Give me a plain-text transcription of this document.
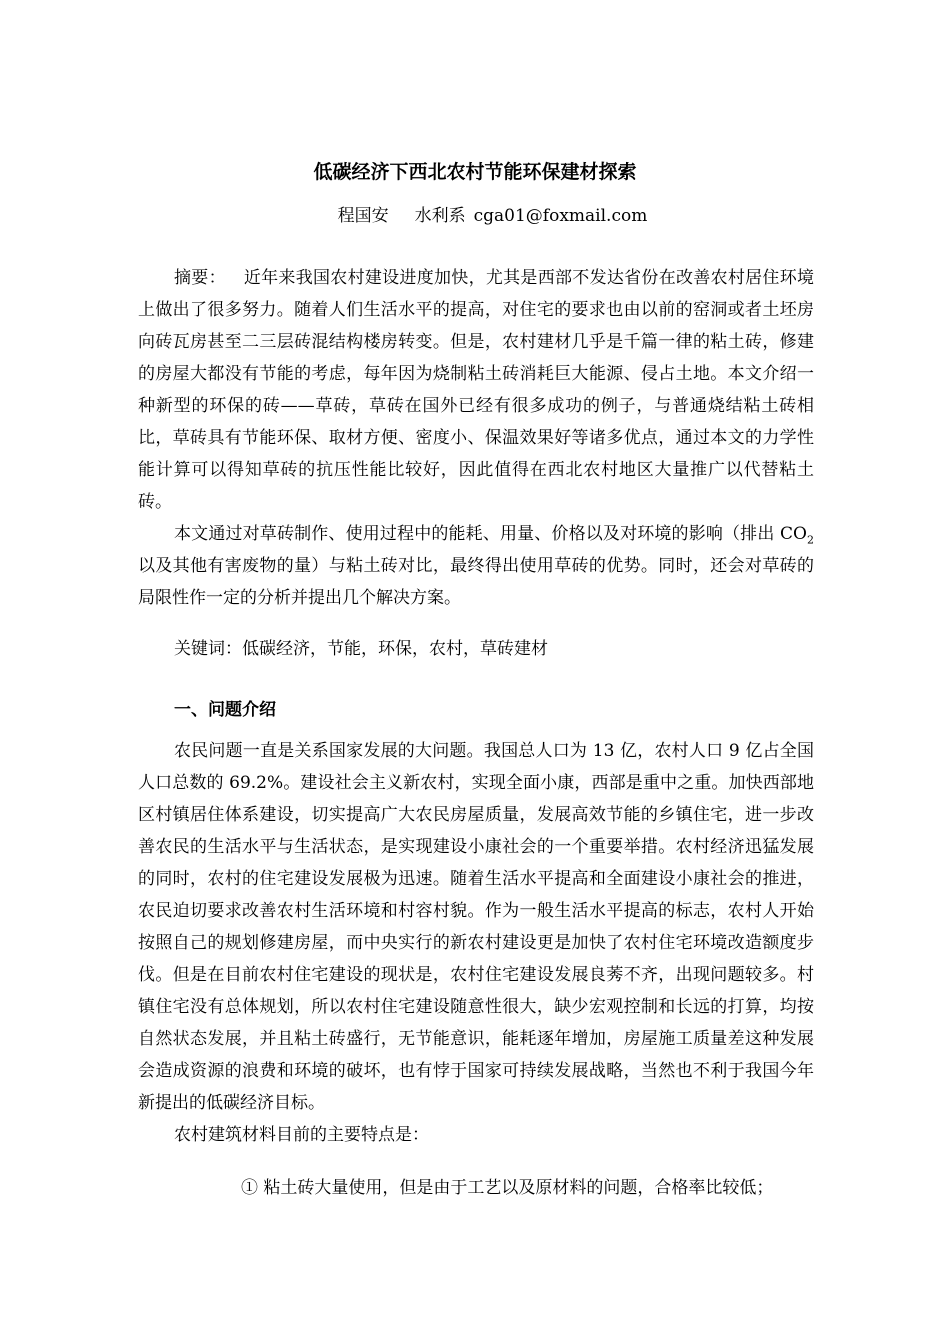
低碳经济下西北农村节能环保建材探索
程国安 水利系 cga01@foxmail.com

摘要： 近年来我国农村建设进度加快，尤其是西部不发达省份在改善农村居住环境上做出了很多努力。随着人们生活水平的提高，对住宅的要求也由以前的窑洞或者土坯房向砖瓦房甚至二三层砖混结构楼房转变。但是，农村建材几乎是千篇一律的粘土砖，修建的房屋大都没有节能的考虑，每年因为烧制粘土砖消耗巨大能源、侵占土地。本文介绍一种新型的环保的砖——草砖，草砖在国外已经有很多成功的例子，与普通烧结粘土砖相比，草砖具有节能环保、取材方便、密度小、保温效果好等诸多优点，通过本文的力学性能计算可以得知草砖的抗压性能比较好，因此值得在西北农村地区大量推广以代替粘土砖。

本文通过对草砖制作、使用过程中的能耗、用量、价格以及对环境的影响（排出 $CO_2$以及其他有害废物的量）与粘土砖对比，最终得出使用草砖的优势。同时，还会对草砖的局限性作一定的分析并提出几个解决方案。

关键词：低碳经济，节能，环保，农村，草砖建材
一、问题介绍

农民问题一直是关系国家发展的大问题。我国总人口为 13 亿，农村人口 9 亿占全国人口总数的 69.2%。建设社会主义新农村，实现全面小康，西部是重中之重。加快西部地区村镇居住体系建设，切实提高广大农民房屋质量，发展高效节能的乡镇住宅，进一步改善农民的生活水平与生活状态，是实现建设小康社会的一个重要举措。农村经济迅猛发展的同时，农村的住宅建设发展极为迅速。随着生活水平提高和全面建设小康社会的推进，农民迫切要求改善农村生活环境和村容村貌。作为一般生活水平提高的标志，农村人开始按照自己的规划修建房屋，而中央实行的新农村建设更是加快了农村住宅环境改造额度步伐。但是在目前农村住宅建设的现状是，农村住宅建设发展良莠不齐，出现问题较多。村镇住宅没有总体规划，所以农村住宅建设随意性很大，缺少宏观控制和长远的打算，均按自然状态发展，并且粘土砖盛行，无节能意识，能耗逐年增加，房屋施工质量差这种发展会造成资源的浪费和环境的破坏，也有悖于国家可持续发展战略，当然也不利于我国今年新提出的低碳经济目标。

农村建筑材料目前的主要特点是：

① 粘土砖大量使用，但是由于工艺以及原材料的问题，合格率比较低；
